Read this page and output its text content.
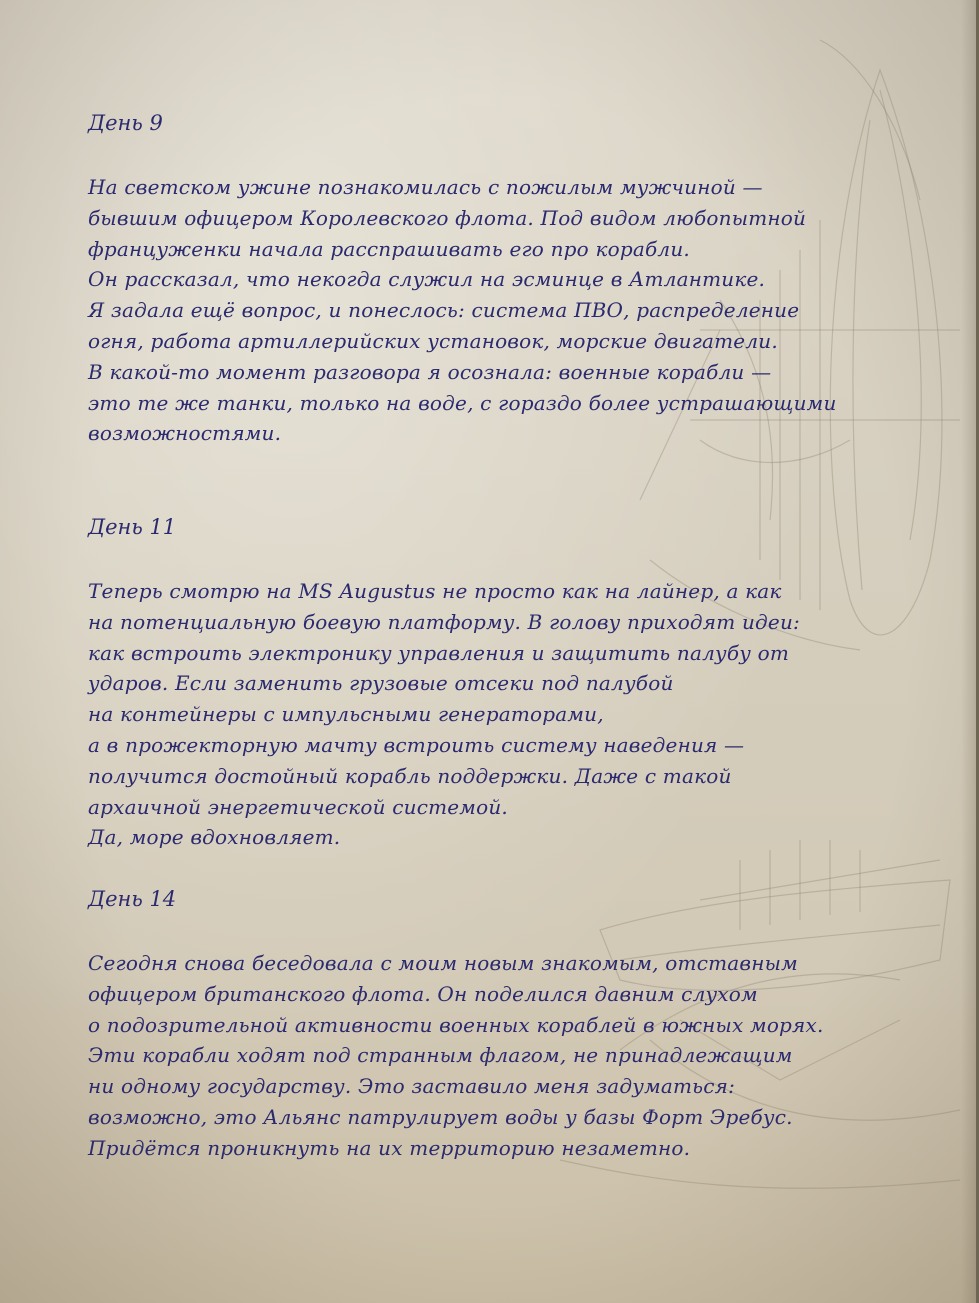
День 9
На светском ужине познакомилась с пожилым мужчиной —
бывшим офицером Королевского флота. Под видом любопытной
француженки начала расспрашивать его про корабли.
Он рассказал, что некогда служил на эсминце в Атлантике.
Я задала ещё вопрос, и понеслось: система ПВО, распределение
огня, работа артиллерийских установок, морские двигатели.
В какой-то момент разговора я осознала: военные корабли —
это те же танки, только на воде, с гораздо более устрашающими
возможностями.
День 11
Теперь смотрю на MS Augustus не просто как на лайнер, а как
на потенциальную боевую платформу. В голову приходят идеи:
как встроить электронику управления и защитить палубу от
ударов. Если заменить грузовые отсеки под палубой
на контейнеры с импульсными генераторами,
а в прожекторную мачту встроить систему наведения —
получится достойный корабль поддержки. Даже с такой
архаичной энергетической системой.
Да, море вдохновляет.
День 14
Сегодня снова беседовала с моим новым знакомым, отставным
офицером британского флота. Он поделился давним слухом
о подозрительной активности военных кораблей в южных морях.
Эти корабли ходят под странным флагом, не принадлежащим
ни одному государству. Это заставило меня задуматься:
возможно, это Альянс патрулирует воды у базы Форт Эребус.
Придётся проникнуть на их территорию незаметно.
